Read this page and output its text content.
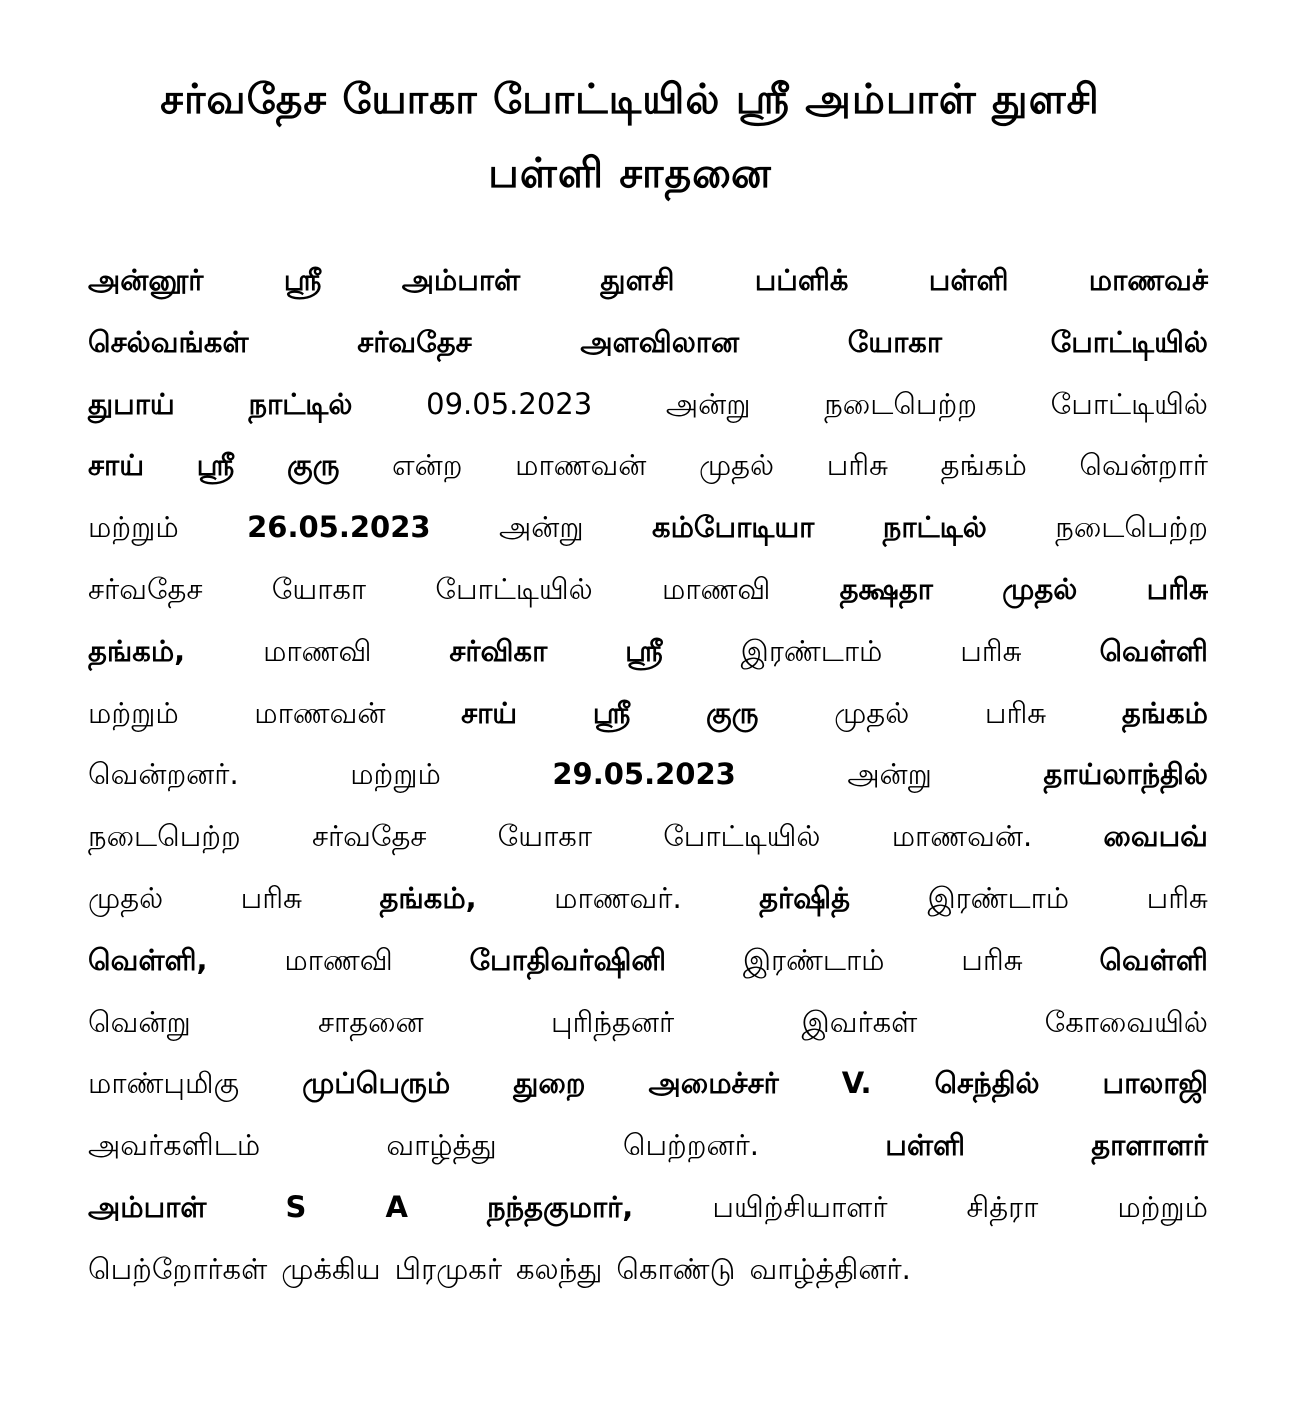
சர்வதேச யோகா போட்டியில் ஸ்ரீ அம்பாள் துளசி
பள்ளி சாதனை
அன்னூர்	ஸ்ரீ	அம்பாள்	துளசி	பப்ளிக்	பள்ளி	மாணவச்
செல்வங்கள்	சர்வதேச	அளவிலான	யோகா	போட்டியில்
துபாய்	நாட்டில்	09.05.2023	அன்று	நடைபெற்ற	போட்டியில்
சாய் ஸ்ரீ குரு என்ற மாணவன் முதல் பரிசு தங்கம் வென்றார்
மற்றும் 26.05.2023 அன்று கம்போடியா நாட்டில் நடைபெற்ற
சர்வதேச யோகா போட்டியில் மாணவி தக்ஷதா முதல் பரிசு
தங்கம்,	மாணவி	சர்விகா	ஸ்ரீ	இரண்டாம்	பரிசு	வெள்ளி
மற்றும்	மாணவன்	சாய்	ஸ்ரீ	குரு	முதல்	பரிசு	தங்கம்
வென்றனர்.	மற்றும்	29.05.2023	அன்று	தாய்லாந்தில்
நடைபெற்ற சர்வதேச யோகா போட்டியில் மாணவன். வைபவ்
முதல்	பரிசு	தங்கம்,	மாணவர்.	தர்ஷித்	இரண்டாம்	பரிசு
வெள்ளி,	மாணவி	போதிவர்ஷினி	இரண்டாம்	பரிசு	வெள்ளி
வென்று	சாதனை	புரிந்தனர்	இவர்கள்	கோவையில்
மாண்புமிகு முப்பெரும் துறை அமைச்சர் V. செந்தில் பாலாஜி
அவர்களிடம்	வாழ்த்து	பெற்றனர்.	பள்ளி	தாளாளர்
அம்பாள்	S	A	நந்தகுமார்,	பயிற்சியாளர்	சித்ரா	மற்றும்
பெற்றோர்கள் முக்கிய பிரமுகர் கலந்து கொண்டு வாழ்த்தினர்.
